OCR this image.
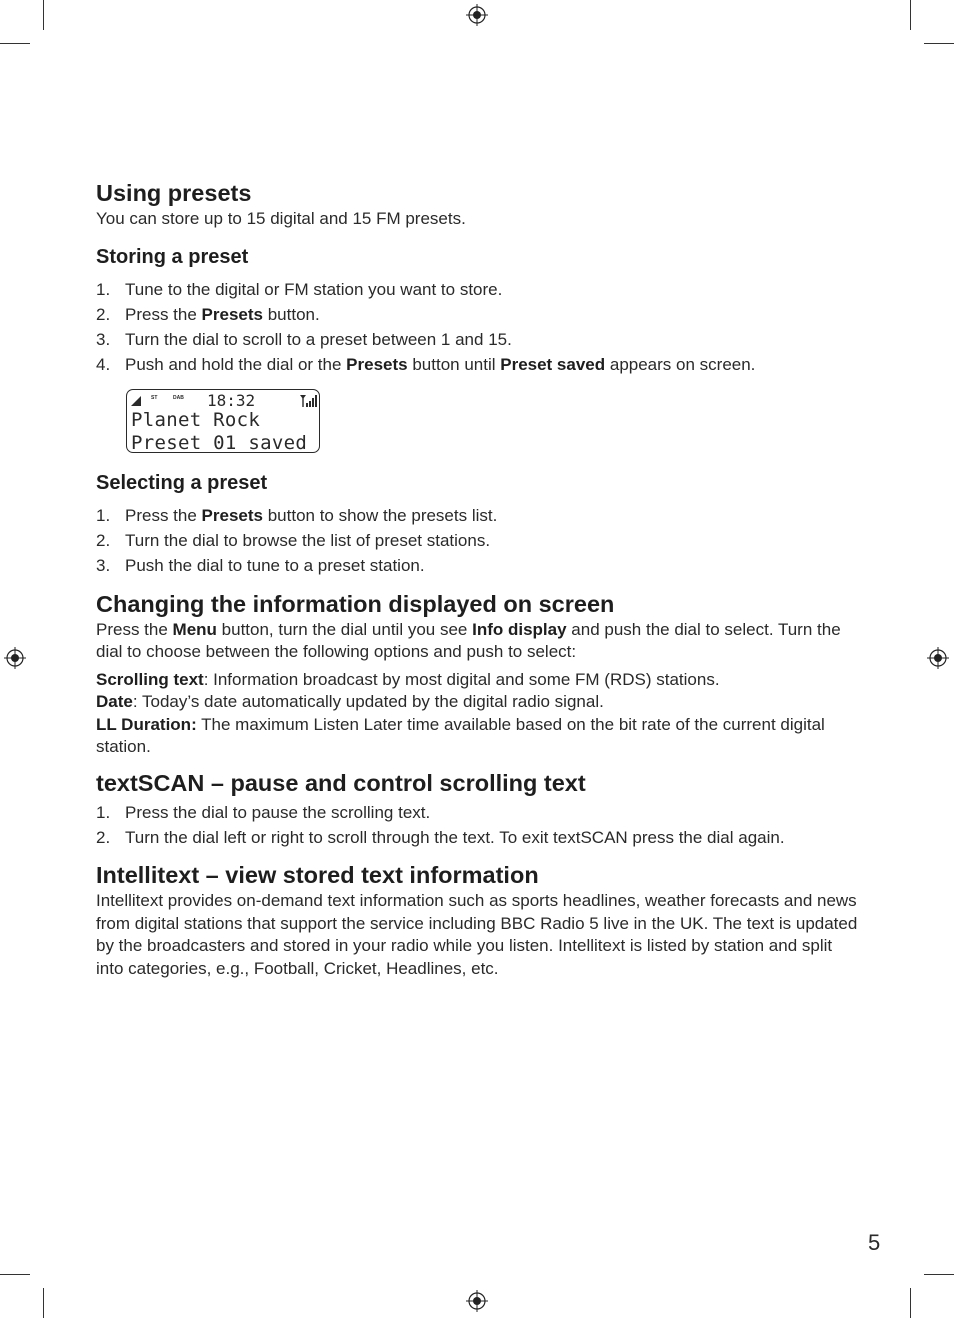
Using presets

You can store up to 15 digital and 15 FM presets.

Storing a preset
1. Tune to the digital or FM station you want to store.
2. Press the Presets button.
3. Turn the dial to scroll to a preset between 1 and 15.
4. Push and hold the dial or the Presets button until Preset saved appears on screen.
ST	DAB 18:32
Planet Rock
Preset 01 saved
Selecting a preset
1. Press the Presets button to show the presets list.
2. Turn the dial to browse the list of preset stations.
3. Push the dial to tune to a preset station.
Changing the information displayed on screen

Press the Menu button, turn the dial until you see Info display and push the dial to select. Turn the dial to choose between the following options and push to select:

Scrolling text: Information broadcast by most digital and some FM (RDS) stations.
Date: Today’s date automatically updated by the digital radio signal.
LL Duration: The maximum Listen Later time available based on the bit rate of the current digital station.

textSCAN – pause and control scrolling text
1. Press the dial to pause the scrolling text.
2. Turn the dial left or right to scroll through the text. To exit textSCAN press the dial again.
Intellitext – view stored text information

Intellitext provides on-demand text information such as sports headlines, weather forecasts and news from digital stations that support the service including BBC Radio 5 live in the UK. The text is updated by the broadcasters and stored in your radio while you listen. Intellitext is listed by station and split into categories, e.g., Football, Cricket, Headlines, etc.

5
